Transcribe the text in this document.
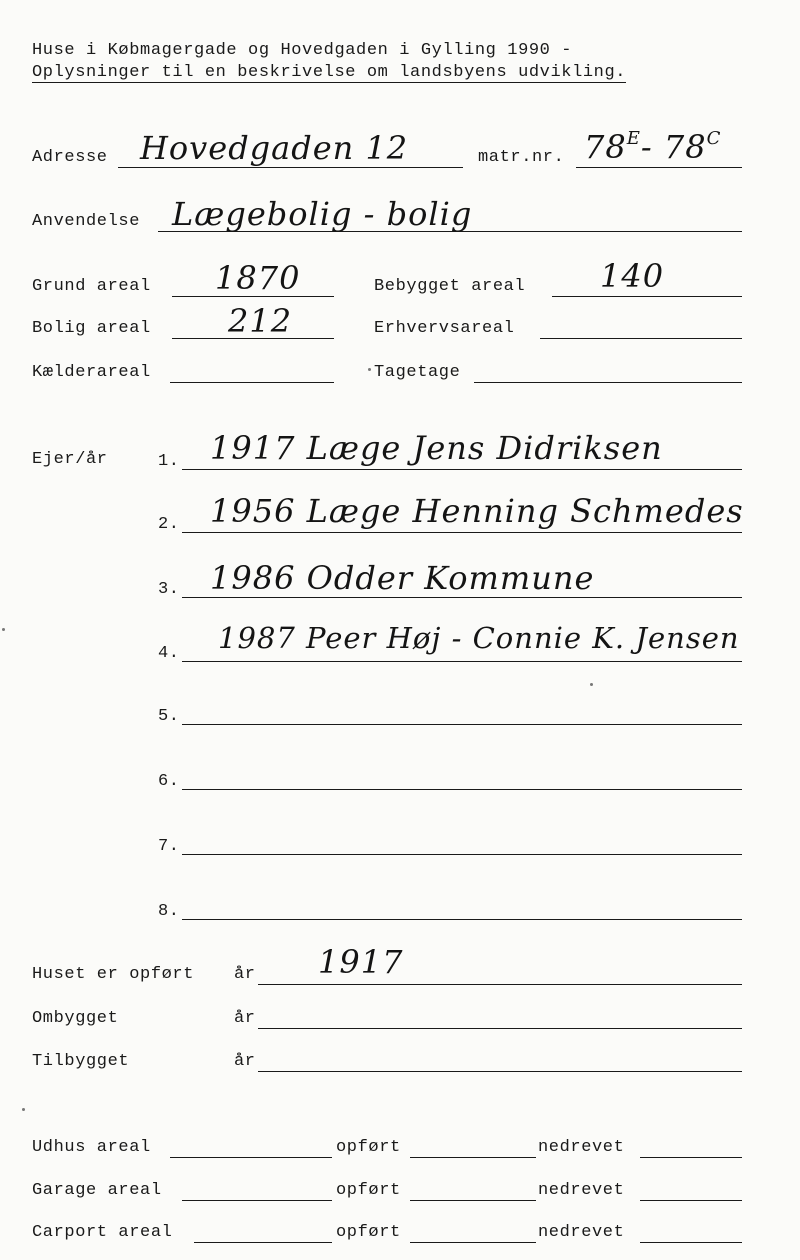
Huse i Købmagergade og Hovedgaden i Gylling 1990 -
Oplysninger til en beskrivelse om landsbyens udvikling.
Adresse Hovedgaden 12	matr.nr. $78^E-$ $78^C$
Anvendelse Lægebolig - bolig
Grund areal 1870	Bebygget areal 140
Bolig areal 212	Erhvervsareal
Kælderareal	Tagetage
Ejer/år	1. 1917 Læge Jens Didriksen
2. 1956 Læge Henning Schmedes
3. 1986 Odder Kommune
4. 1987 Peer Høj - Connie K. Jensen
5.
6.
7.
8.
Huset er opført år 1917
Ombygget	år
Tilbygget	år
Udhus areal	opført	nedrevet
Garage areal	opført	nedrevet
Carport areal	opført	nedrevet
